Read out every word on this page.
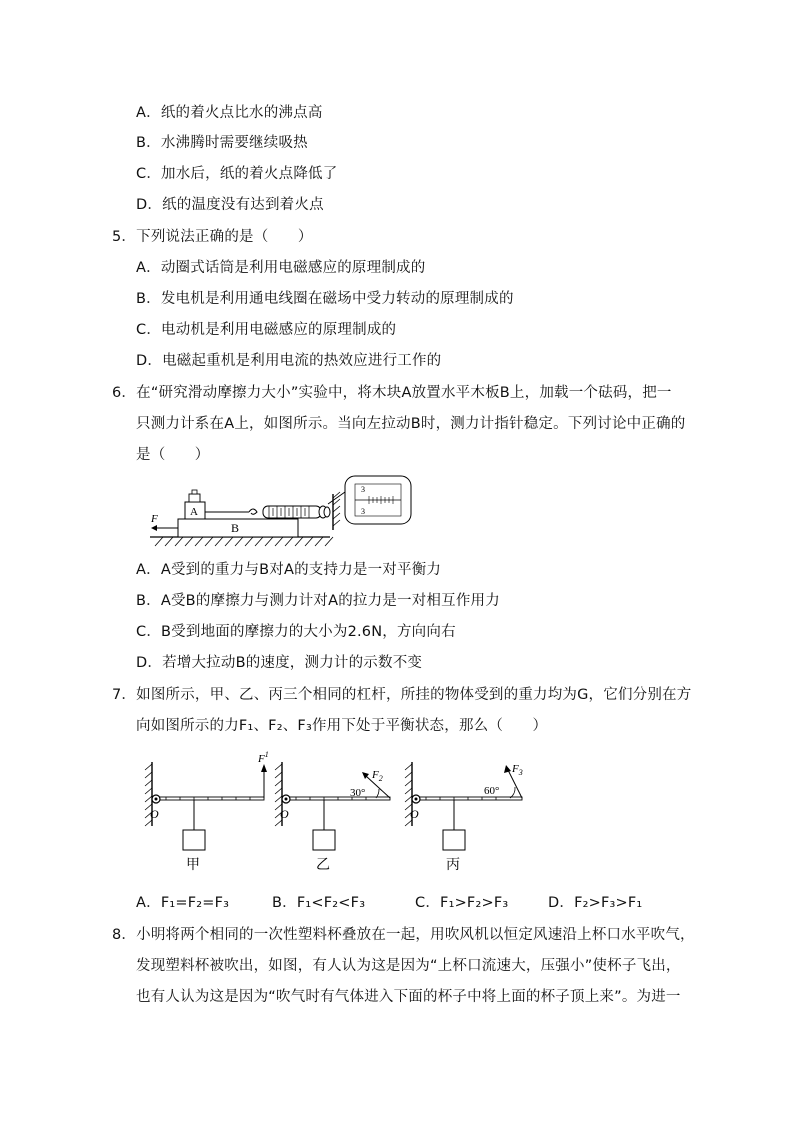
A．纸的着火点比水的沸点高
B．水沸腾时需要继续吸热
C．加水后，纸的着火点降低了
D．纸的温度没有达到着火点
5．下列说法正确的是（　　）
A．动圈式话筒是利用电磁感应的原理制成的
B．发电机是利用通电线圈在磁场中受力转动的原理制成的
C．电动机是利用电磁感应的原理制成的
D．电磁起重机是利用电流的热效应进行工作的
6．在“研究滑动摩擦力大小”实验中，将木块A放置水平木板B上，加载一个砝码，把一
只测力计系在A上，如图所示。当向左拉动B时，测力计指针稳定。下列讨论中正确的
是（　　）
B
A
F
3
3
A．A受到的重力与B对A的支持力是一对平衡力
B．A受B的摩擦力与测力计对A的拉力是一对相互作用力
C．B受到地面的摩擦力的大小为2.6N，方向向右
D．若增大拉动B的速度，测力计的示数不变
7．如图所示，甲、乙、丙三个相同的杠杆，所挂的物体受到的重力均为G，它们分别在方
向如图所示的力F₁、F₂、F₃作用下处于平衡状态，那么（　　）
O
$F^1$
O
$F_2$
30°
O
$F_3$
60°
甲	乙	丙
A．F₁=F₂=F₃	B．F₁<F₂<F₃	C．F₁>F₂>F₃	D．F₂>F₃>F₁
8．小明将两个相同的一次性塑料杯叠放在一起，用吹风机以恒定风速沿上杯口水平吹气，
发现塑料杯被吹出，如图，有人认为这是因为“上杯口流速大，压强小”使杯子飞出，
也有人认为这是因为“吹气时有气体进入下面的杯子中将上面的杯子顶上来”。为进一
